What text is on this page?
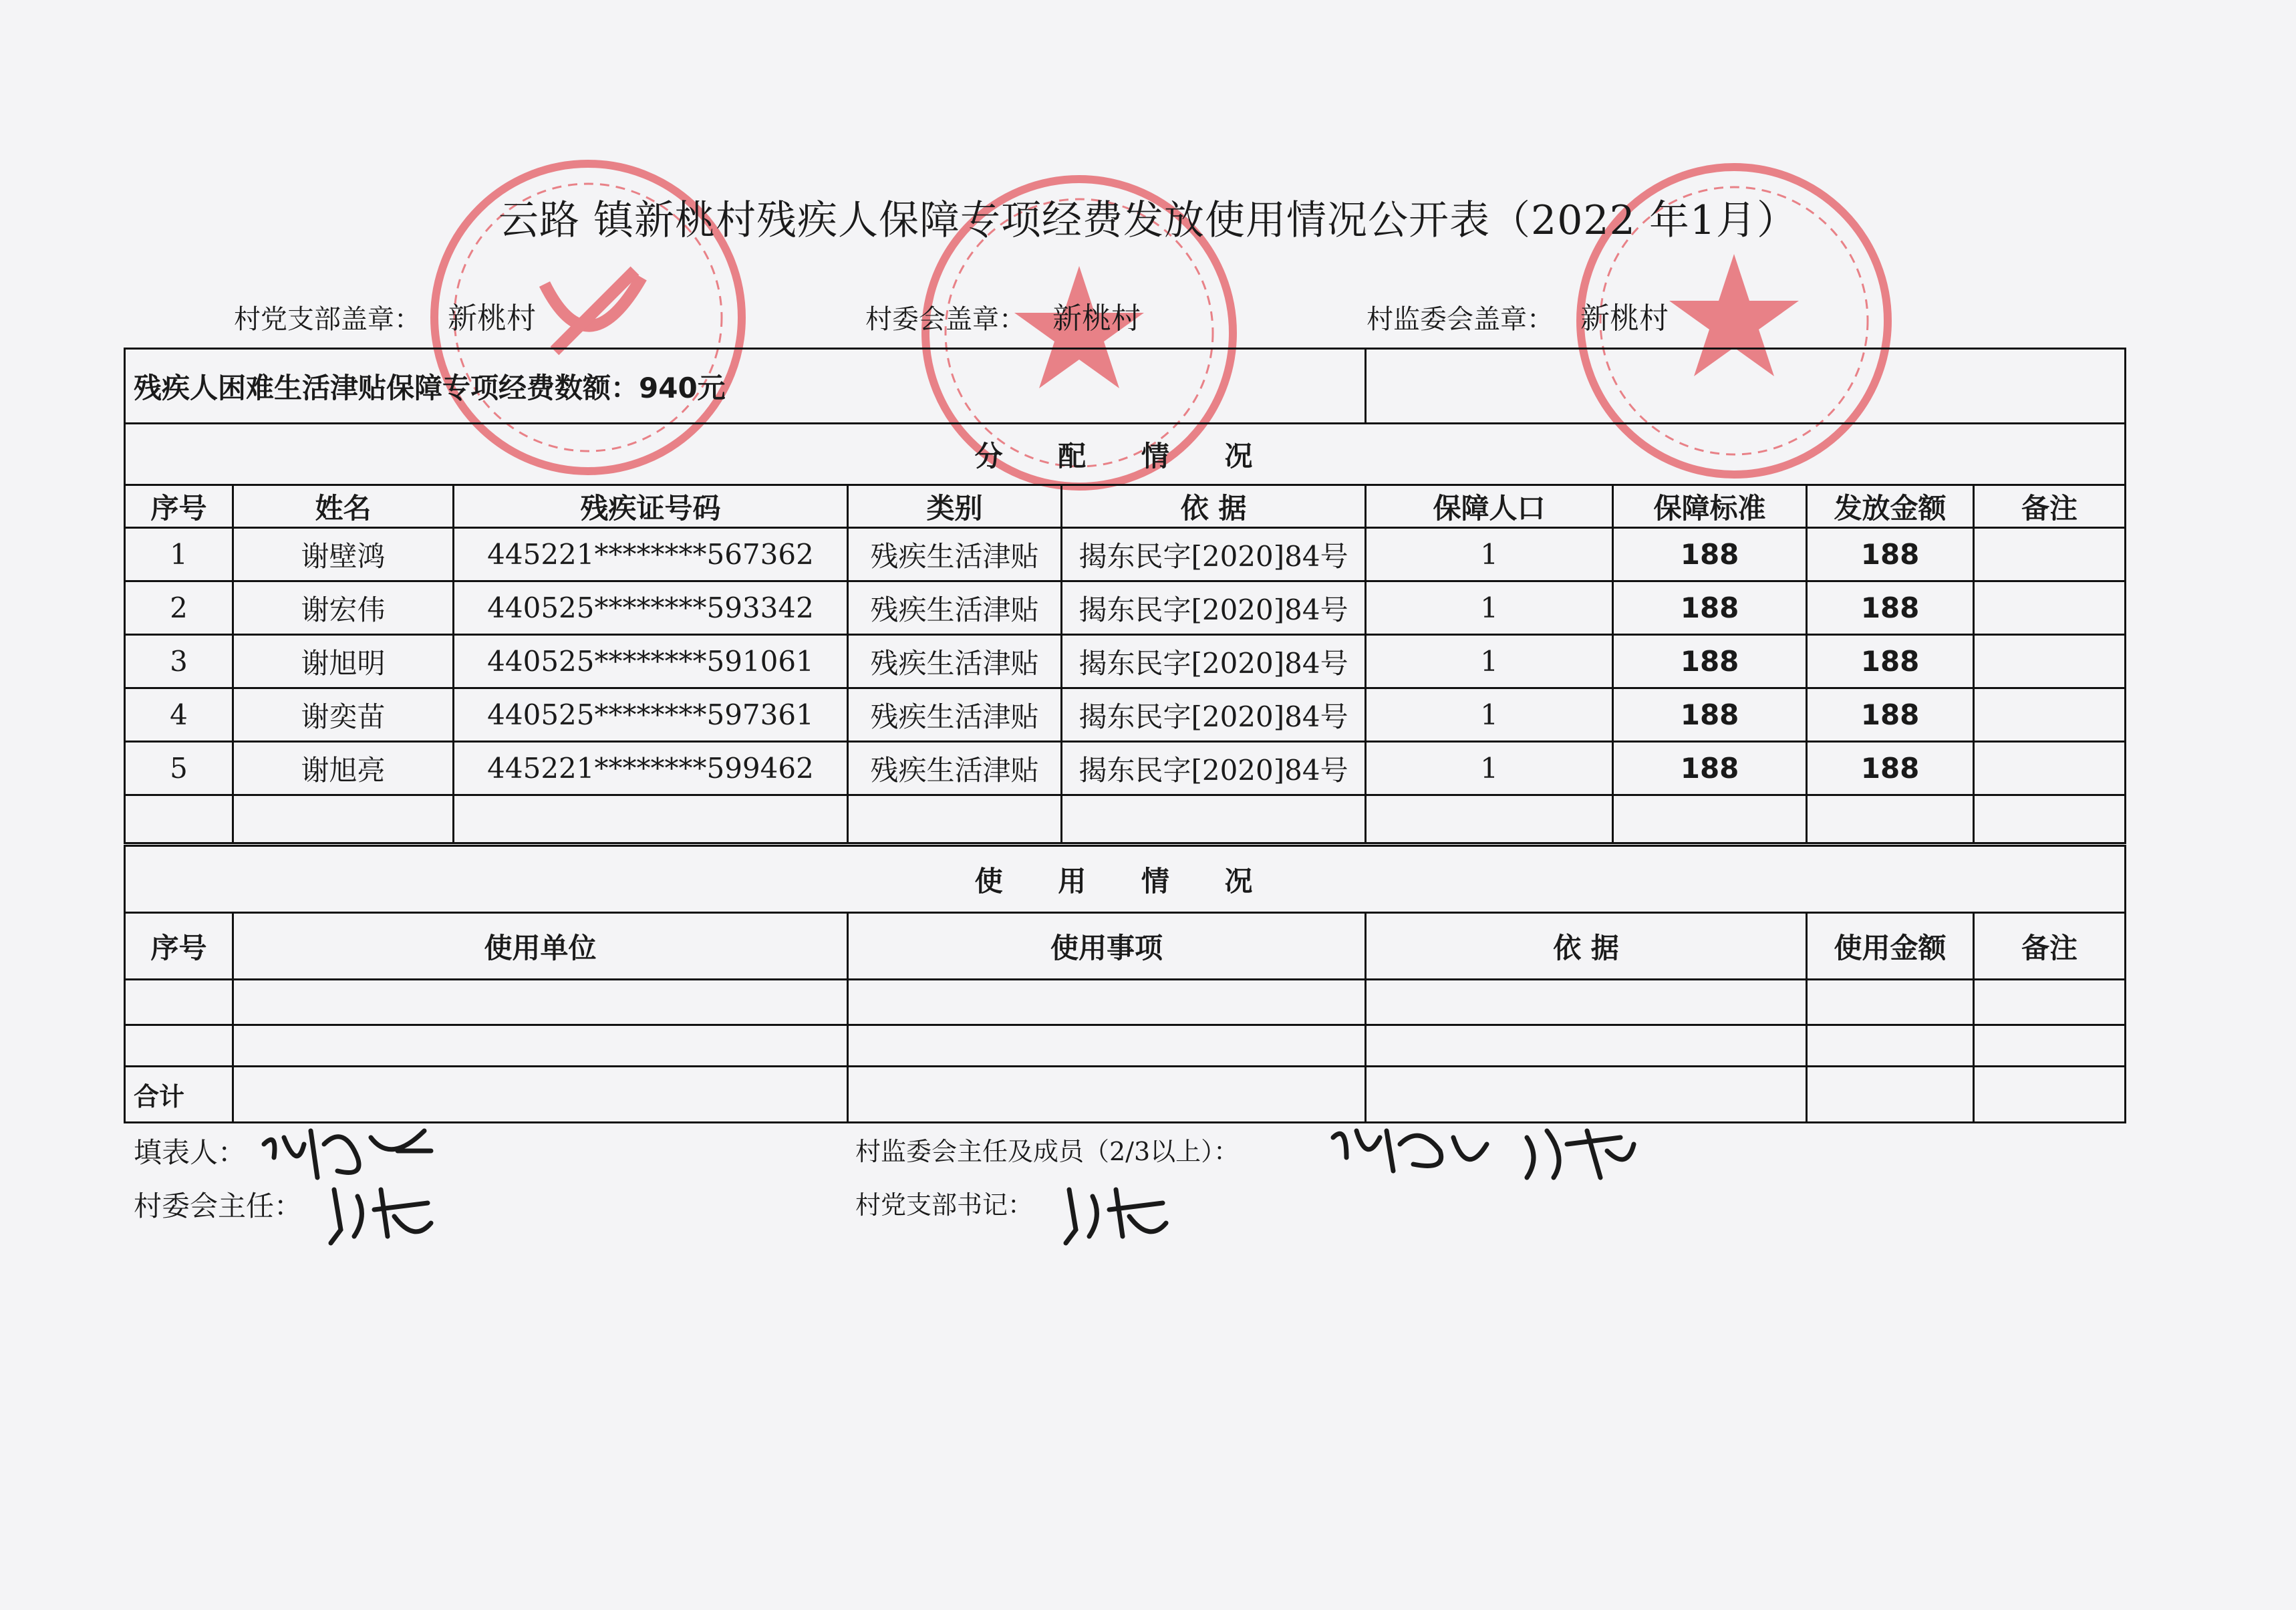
云路 镇新桃村残疾人保障专项经费发放使用情况公开表（2022 年1月）
村党支部盖章： 新桃村	村委会盖章： 新桃村	村监委会盖章： 新桃村
残疾人困难生活津贴保障专项经费数额：940元								
分 配 情 况								
序号	姓名	残疾证号码	类别	依 据	保障人口	保障标准	发放金额	备注
1	谢壁鸿	445221********567362	残疾生活津贴	揭东民字[2020]84号	1	188	188	
2	谢宏伟	440525********593342	残疾生活津贴	揭东民字[2020]84号	1	188	188	
3	谢旭明	440525********591061	残疾生活津贴	揭东民字[2020]84号	1	188	188	
4	谢奕苗	440525********597361	残疾生活津贴	揭东民字[2020]84号	1	188	188	
5	谢旭亮	445221********599462	残疾生活津贴	揭东民字[2020]84号	1	188	188	

使 用 情 况					
序号	使用单位	使用事项	依 据	使用金额	备注

合计					
填表人：
村委会主任：
村监委会主任及成员（2/3以上）：
村党支部书记：
